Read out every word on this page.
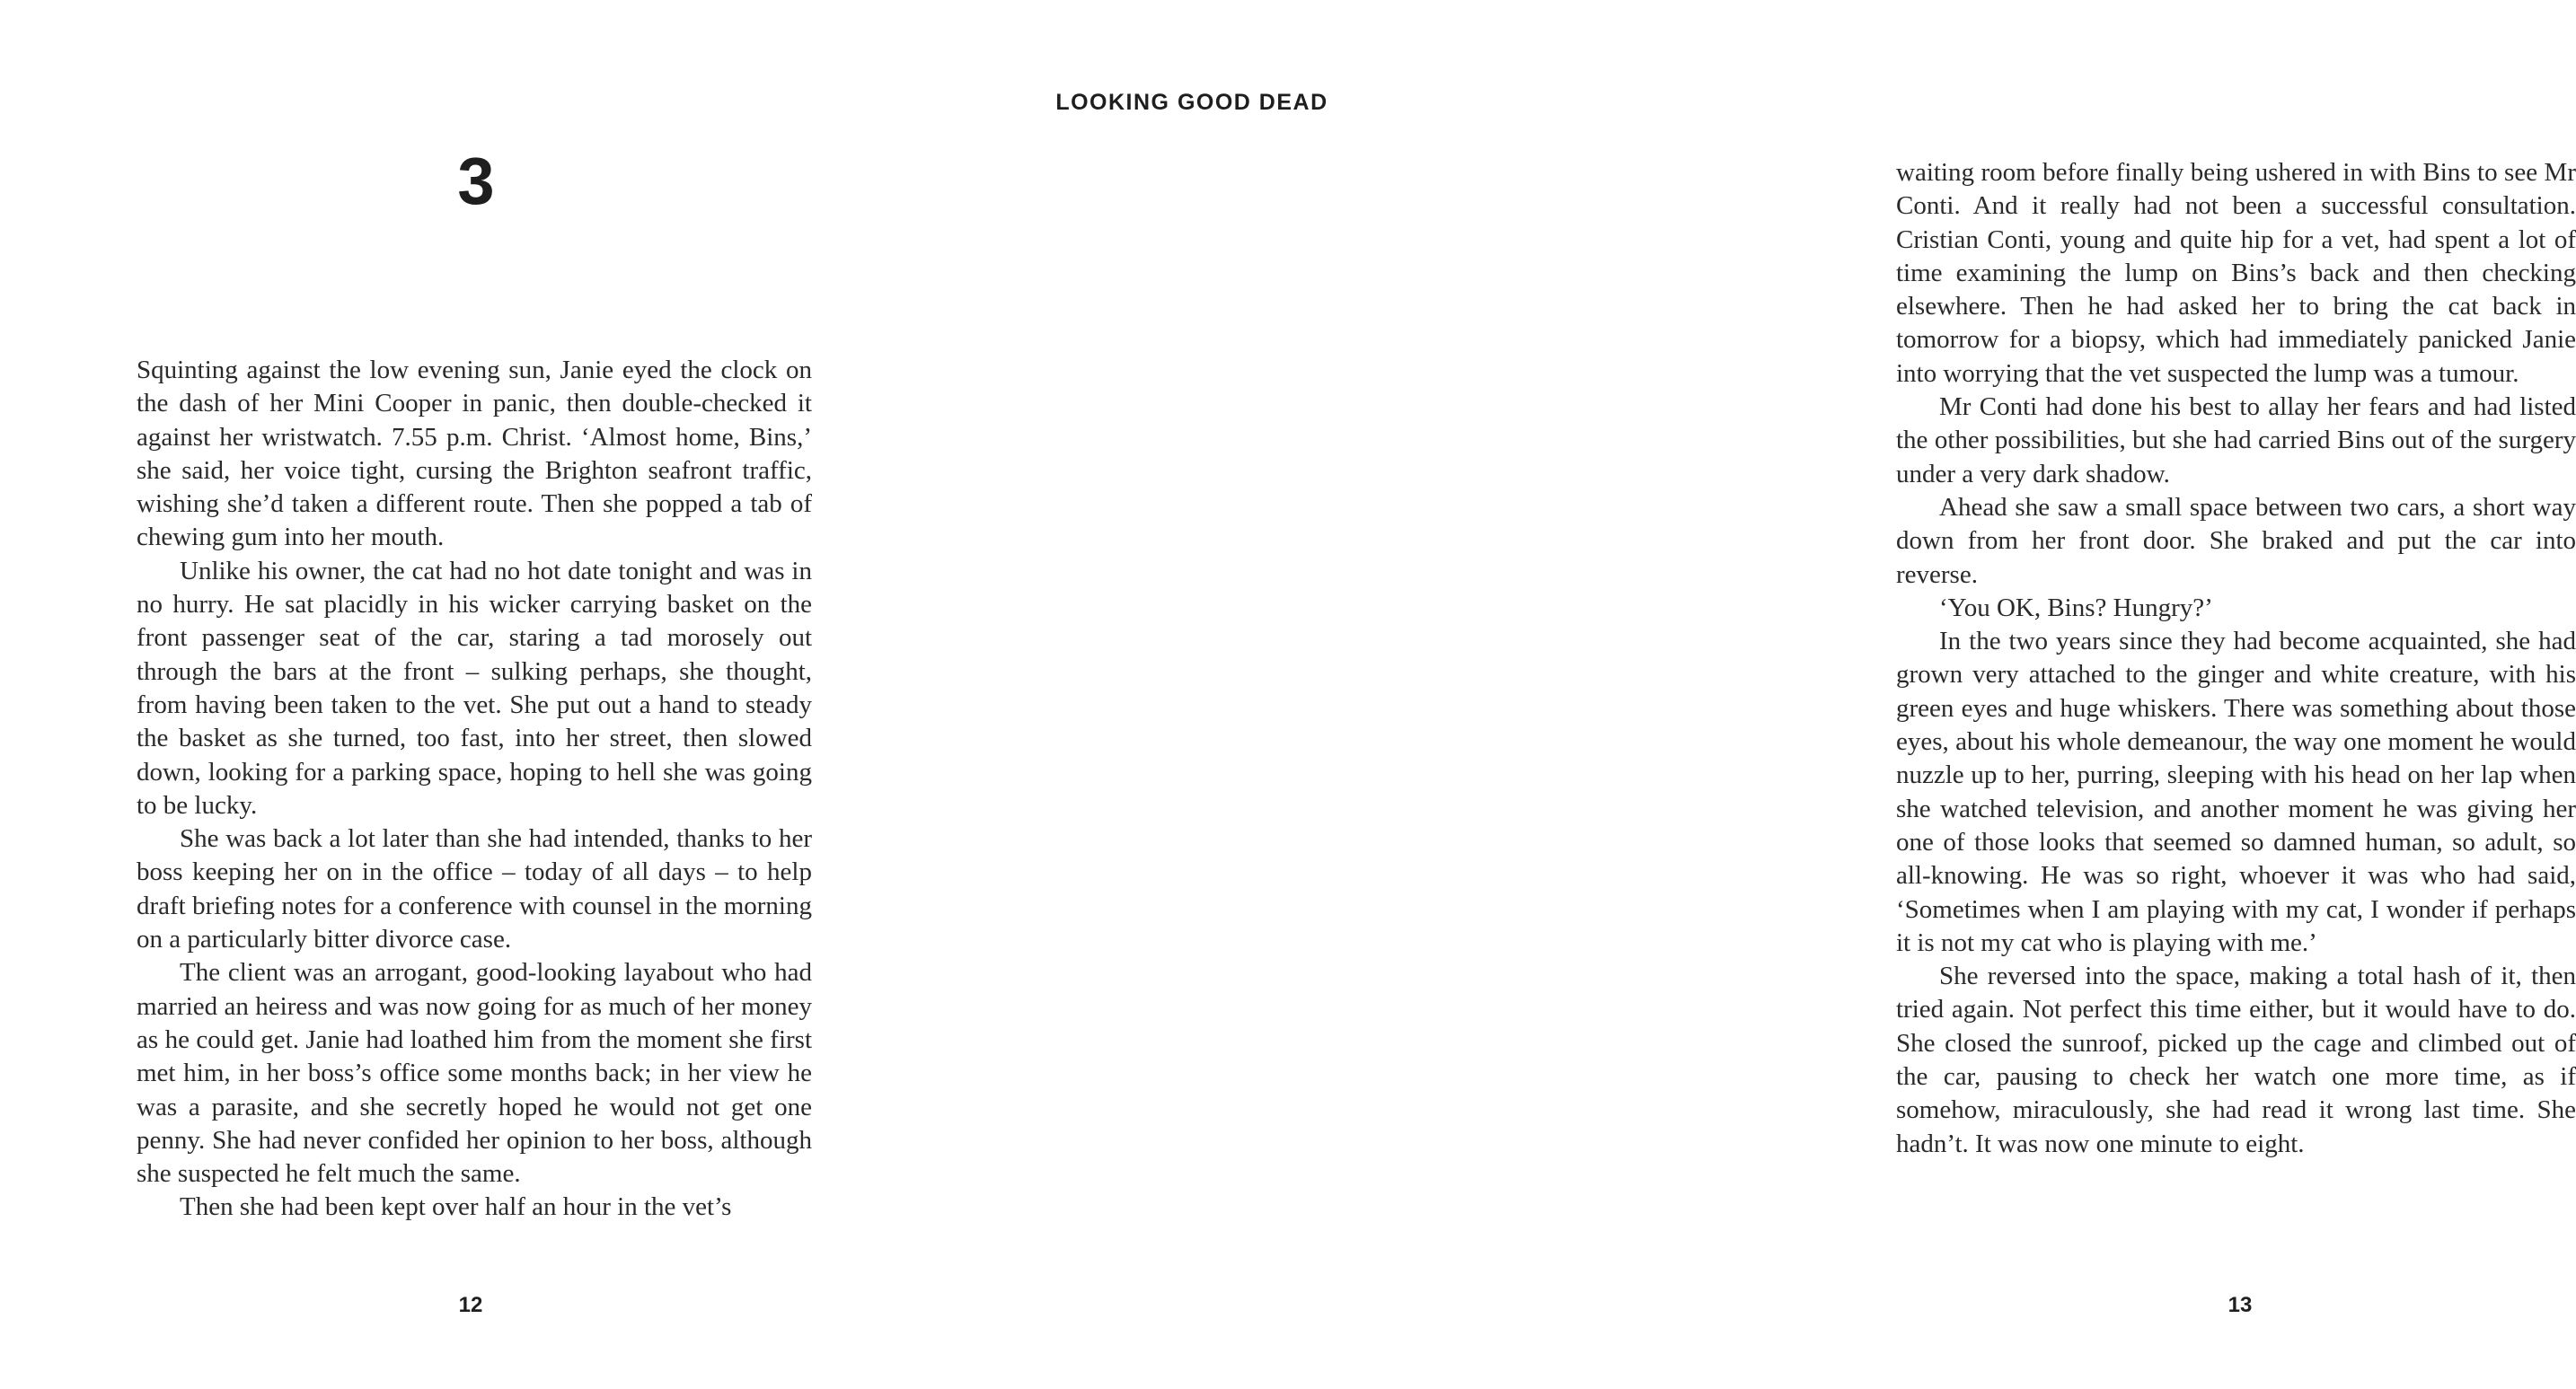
3

Squinting against the low evening sun, Janie eyed the clock on the dash of her Mini Cooper in panic, then double-checked it against her wristwatch. 7.55 p.m. Christ. ‘Almost home, Bins,’ she said, her voice tight, cursing the Brighton seafront traffic, wishing she’d taken a different route. Then she popped a tab of chewing gum into her mouth.

Unlike his owner, the cat had no hot date tonight and was in no hurry. He sat placidly in his wicker carrying basket on the front passenger seat of the car, staring a tad morosely out through the bars at the front – sulking perhaps, she thought, from having been taken to the vet. She put out a hand to steady the basket as she turned, too fast, into her street, then slowed down, looking for a parking space, hoping to hell she was going to be lucky.

She was back a lot later than she had intended, thanks to her boss keeping her on in the office – today of all days – to help draft briefing notes for a conference with counsel in the morning on a particularly bitter divorce case.

The client was an arrogant, good-looking layabout who had married an heiress and was now going for as much of her money as he could get. Janie had loathed him from the moment she first met him, in her boss’s office some months back; in her view he was a parasite, and she secretly hoped he would not get one penny. She had never confided her opinion to her boss, although she suspected he felt much the same.

Then she had been kept over half an hour in the vet’s

12

waiting room before finally being ushered in with Bins to see Mr Conti. And it really had not been a successful consultation. Cristian Conti, young and quite hip for a vet, had spent a lot of time examining the lump on Bins’s back and then checking elsewhere. Then he had asked her to bring the cat back in tomorrow for a biopsy, which had immediately panicked Janie into worrying that the vet suspected the lump was a tumour.

Mr Conti had done his best to allay her fears and had listed the other possibilities, but she had carried Bins out of the surgery under a very dark shadow.

Ahead she saw a small space between two cars, a short way down from her front door. She braked and put the car into reverse.

‘You OK, Bins? Hungry?’

In the two years since they had become acquainted, she had grown very attached to the ginger and white creature, with his green eyes and huge whiskers. There was something about those eyes, about his whole demeanour, the way one moment he would nuzzle up to her, purring, sleeping with his head on her lap when she watched television, and another moment he was giving her one of those looks that seemed so damned human, so adult, so all-knowing. He was so right, whoever it was who had said, ‘Sometimes when I am playing with my cat, I wonder if perhaps it is not my cat who is playing with me.’

She reversed into the space, making a total hash of it, then tried again. Not perfect this time either, but it would have to do. She closed the sunroof, picked up the cage and climbed out of the car, pausing to check her watch one more time, as if somehow, miraculously, she had read it wrong last time. She hadn’t. It was now one minute to eight.

13
LOOKING GOOD DEAD
